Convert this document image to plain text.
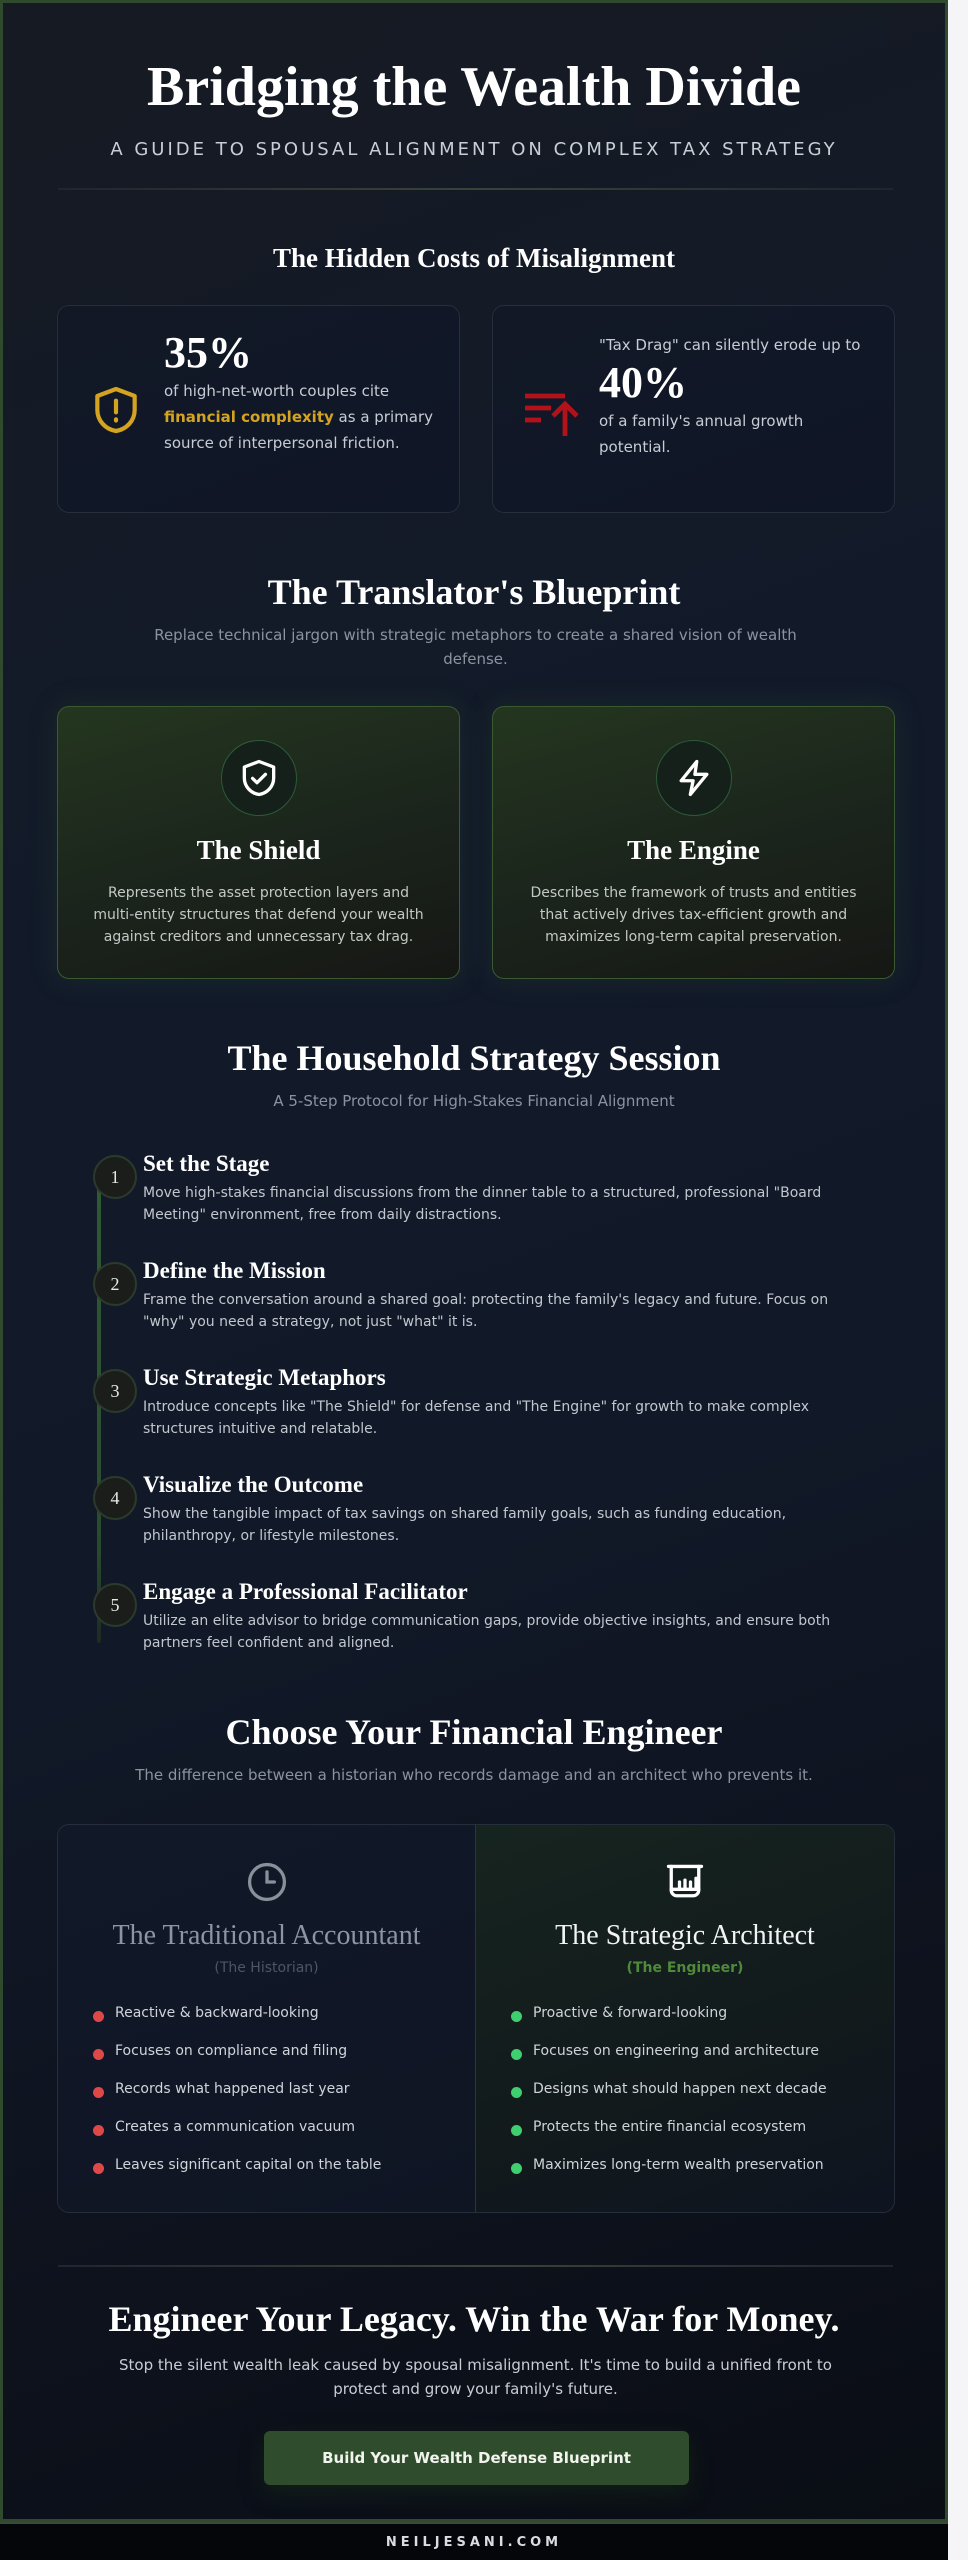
Bridging the Wealth Divide
A GUIDE TO SPOUSAL ALIGNMENT ON COMPLEX TAX STRATEGY
The Hidden Costs of Misalignment
35%
of high-net-worth couples cite financial complexity as a primary source of interpersonal friction.
"Tax Drag" can silently erode up to
40%
of a family's annual growth potential.
The Translator's Blueprint
Replace technical jargon with strategic metaphors to create a shared vision of wealth defense.
The Shield
Represents the asset protection layers and multi-entity structures that defend your wealth against creditors and unnecessary tax drag.
The Engine
Describes the framework of trusts and entities that actively drives tax-efficient growth and maximizes long-term capital preservation.
The Household Strategy Session
A 5-Step Protocol for High-Stakes Financial Alignment
1
Set the Stage
Move high-stakes financial discussions from the dinner table to a structured, professional "Board Meeting" environment, free from daily distractions.
2
Define the Mission
Frame the conversation around a shared goal: protecting the family's legacy and future. Focus on "why" you need a strategy, not just "what" it is.
3
Use Strategic Metaphors
Introduce concepts like "The Shield" for defense and "The Engine" for growth to make complex structures intuitive and relatable.
4
Visualize the Outcome
Show the tangible impact of tax savings on shared family goals, such as funding education, philanthropy, or lifestyle milestones.
5
Engage a Professional Facilitator
Utilize an elite advisor to bridge communication gaps, provide objective insights, and ensure both partners feel confident and aligned.
Choose Your Financial Engineer
The difference between a historian who records damage and an architect who prevents it.
The Traditional Accountant
(The Historian)
Reactive & backward-looking
Focuses on compliance and filing
Records what happened last year
Creates a communication vacuum
Leaves significant capital on the table
The Strategic Architect
(The Engineer)
Proactive & forward-looking
Focuses on engineering and architecture
Designs what should happen next decade
Protects the entire financial ecosystem
Maximizes long-term wealth preservation
Engineer Your Legacy. Win the War for Money.
Stop the silent wealth leak caused by spousal misalignment. It's time to build a unified front to protect and grow your family's future.
Build Your Wealth Defense Blueprint
NEILJESANI.COM
